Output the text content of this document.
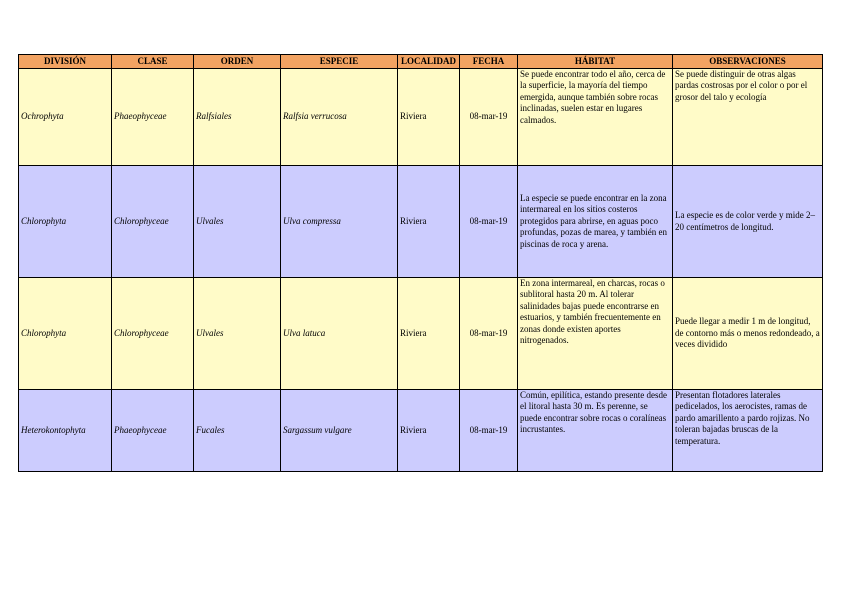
DIVISIÓN	CLASE	ORDEN	ESPECIE	LOCALIDAD	FECHA	HÁBITAT	OBSERVACIONES
Ochrophyta	Phaeophyceae	Ralfsiales	Ralfsia verrucosa	Riviera	08-mar-19	Se puede encontrar todo el año, cerca de la superficie, la mayoría del tiempo emergida, aunque también sobre rocas inclinadas, suelen estar en lugares calmados.	Se puede distinguir de otras algas pardas costrosas por el color o por el grosor del talo y ecología
Chlorophyta	Chlorophyceae	Ulvales	Ulva compressa	Riviera	08-mar-19	La especie se puede encontrar en la zona intermareal en los sitios costeros protegidos para abrirse, en aguas poco profundas, pozas de marea, y también en piscinas de roca y arena.	La especie es de color verde y mide 2–20 centímetros de longitud.
Chlorophyta	Chlorophyceae	Ulvales	Ulva latuca	Riviera	08-mar-19	En zona intermareal, en charcas, rocas o sublitoral hasta 20 m. Al tolerar salinidades bajas puede encontrarse en estuarios, y también frecuentemente en zonas donde existen aportes nitrogenados.	Puede llegar a medir 1 m de longitud, de contorno más o menos redondeado, a veces dividido
Heterokontophyta	Phaeophyceae	Fucales	Sargassum vulgare	Riviera	08-mar-19	Común, epilítica, estando presente desde el litoral hasta 30 m. Es perenne, se puede encontrar sobre rocas o coralíneas incrustantes.	Presentan flotadores laterales pedicelados, los aerocistes, ramas de pardo amarillento a pardo rojizas. No toleran bajadas bruscas de la temperatura.
